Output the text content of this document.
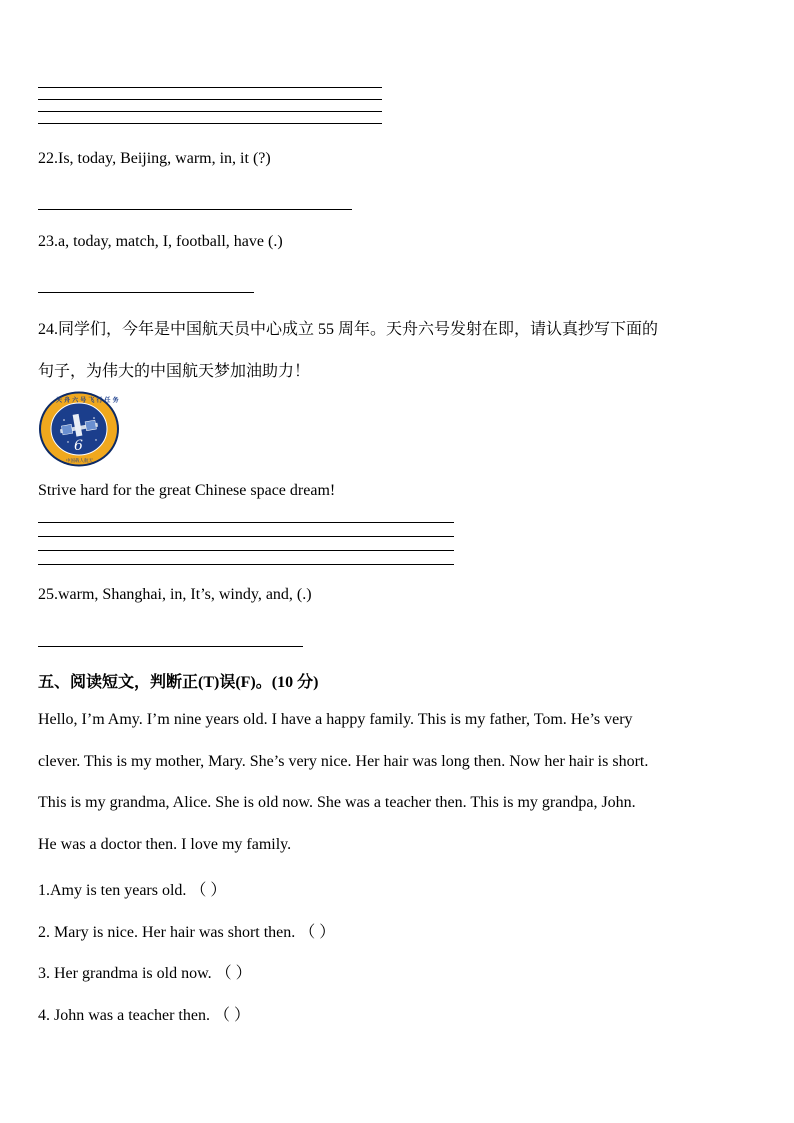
22.Is, today, Beijing, warm, in, it (?)
23.a, today, match, I, football, have (.)
24.同学们，今年是中国航天员中心成立 55 周年。天舟六号发射在即，请认真抄写下面的
句子，为伟大的中国航天梦加油助力！
天 舟 六 号 飞 行 任 务
中国载人航天
6
Strive hard for the great Chinese space dream!
25.warm, Shanghai, in, It’s, windy, and, (.)
五、阅读短文，判断正(T)误(F)。(10 分)
Hello, I’m Amy. I’m nine years old. I have a happy family. This is my father, Tom. He’s very
clever. This is my mother, Mary. She’s very nice. Her hair was long then. Now her hair is short.
This is my grandma, Alice. She is old now. She was a teacher then. This is my grandpa, John.
He was a doctor then. I love my family.
1.Amy is ten years old. （ ）
2. Mary is nice. Her hair was short then. （ ）
3. Her grandma is old now. （ ）
4. John was a teacher then. （ ）
